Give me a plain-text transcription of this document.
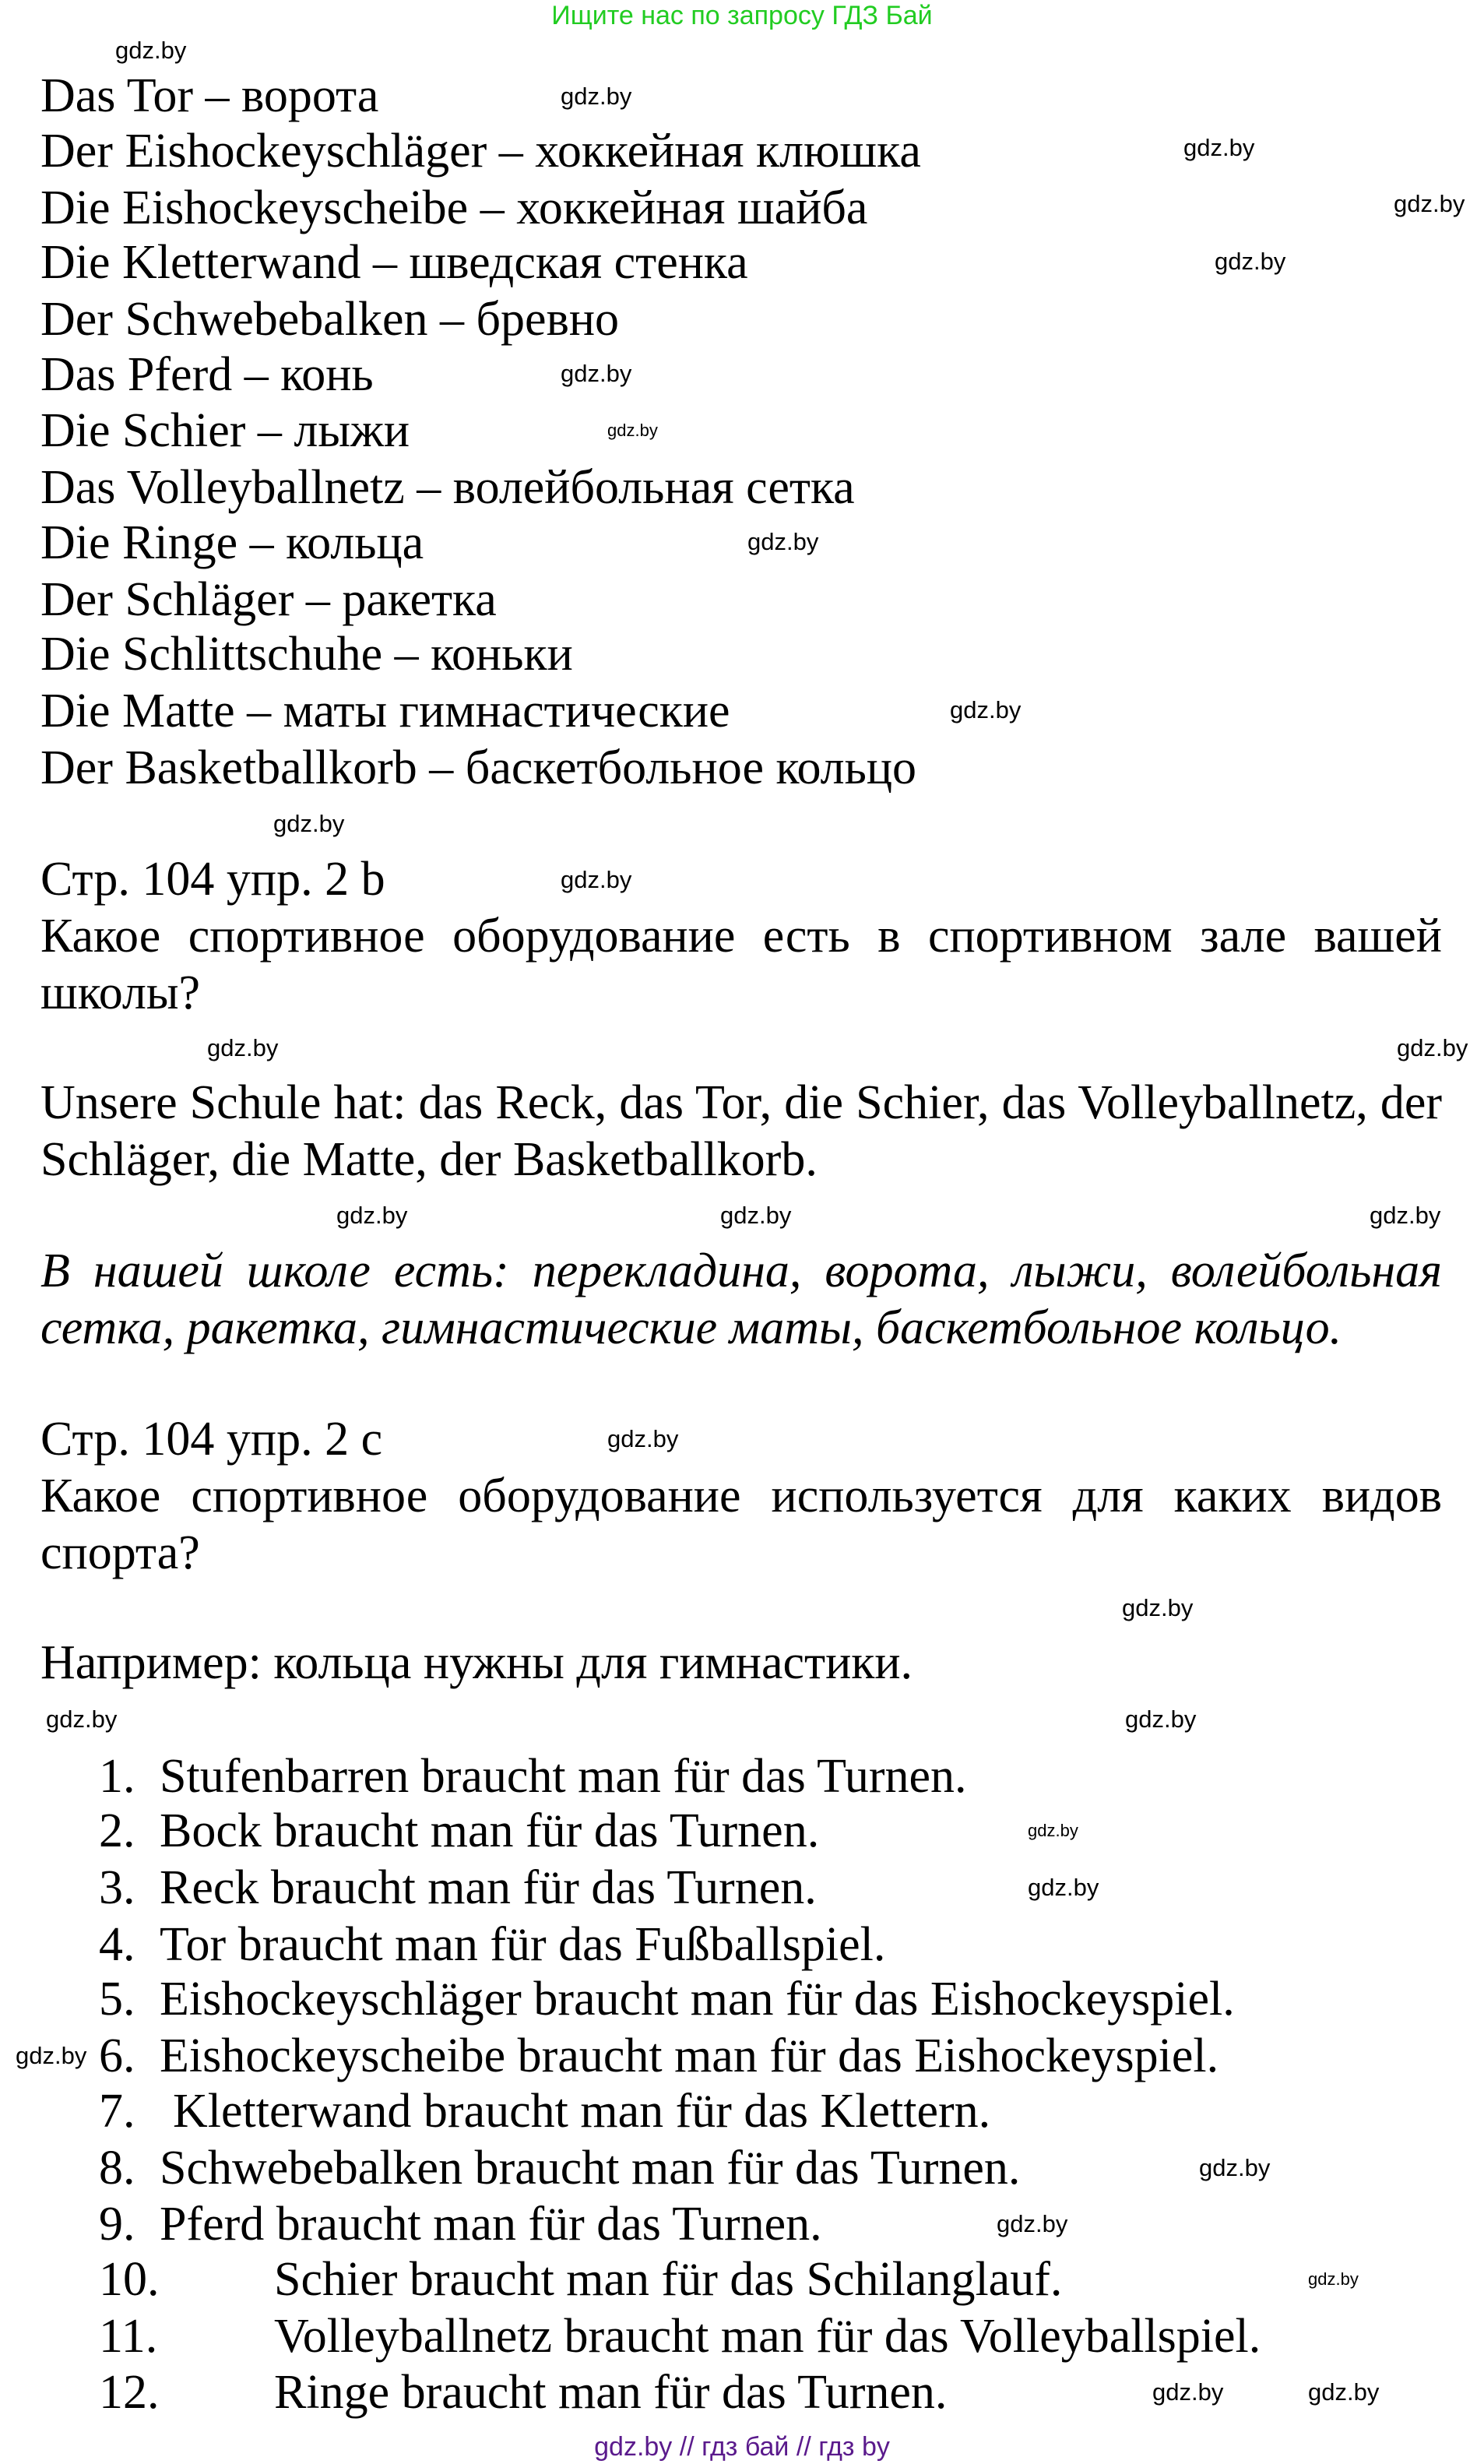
Ищите нас по запросу ГДЗ Бай
Das Tor – ворота
Der Eishockeyschläger – хоккейная клюшка
Die Eishockeyscheibe – хоккейная шайба
Die Kletterwand – шведская стенка
Der Schwebebalken – бревно
Das Pferd – конь
Die Schier – лыжи
Das Volleyballnetz – волейбольная сетка
Die Ringe – кольца
Der Schläger – ракетка
Die Schlittschuhe – коньки
Die Matte – маты гимнастические
Der Basketballkorb – баскетбольное кольцо
Стр. 104 упр. 2 b
Какое спортивное оборудование есть в спортивном зале вашей школы?
Unsere Schule hat: das Reck, das Tor, die Schier, das Volleyballnetz, der Schläger, die Matte, der Basketballkorb.
В нашей школе есть: перекладина, ворота, лыжи, волейбольная сетка, ракетка, гимнастические маты, баскетбольное кольцо.
Стр. 104 упр. 2 c
Какое спортивное оборудование используется для каких видов спорта?
Например: кольца нужны для гимнастики.
1. Stufenbarren braucht man für das Turnen.
2. Bock braucht man für das Turnen.
3. Reck braucht man für das Turnen.
4. Tor braucht man für das Fußballspiel.
5. Eishockeyschläger braucht man für das Eishockeyspiel.
6. Eishockeyscheibe braucht man für das Eishockeyspiel.
7. Kletterwand braucht man für das Klettern.
8. Schwebebalken braucht man für das Turnen.
9. Pferd braucht man für das Turnen.
10. Schier braucht man für das Schilanglauf.
11. Volleyballnetz braucht man für das Volleyballspiel.
12. Ringe braucht man für das Turnen.
gdz.by
gdz.by
gdz.by
gdz.by
gdz.by
gdz.by
gdz.by
gdz.by
gdz.by
gdz.by
gdz.by
gdz.by
gdz.by
gdz.by
gdz.by	gdz.by
gdz.by
gdz.by
gdz.by	gdz.by
gdz.by
gdz.by
gdz.by
gdz.by
gdz.by
gdz.by
gdz.by
gdz.by
gdz.by // гдз бай // гдз by
